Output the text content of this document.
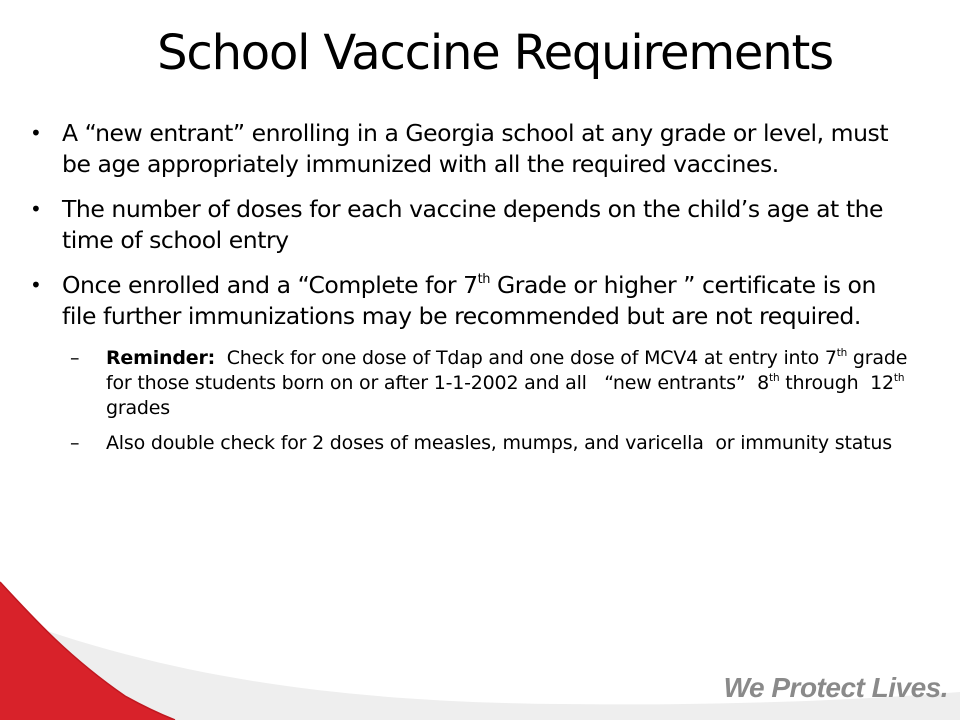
School Vaccine Requirements
• A “new entrant” enrolling in a Georgia school at any grade or level, must be age appropriately immunized with all the required vaccines.
• The number of doses for each vaccine depends on the child’s age at the time of school entry
• Once enrolled and a “Complete for 7th Grade or higher ” certificate is on file further immunizations may be recommended but are not required.
– Reminder:  Check for one dose of Tdap and one dose of MCV4 at entry into 7th grade for those students born on or after 1-1-2002 and all   “new entrants”  8th through  12th grades
– Also double check for 2 doses of measles, mumps, and varicella  or immunity status
We Protect Lives.
